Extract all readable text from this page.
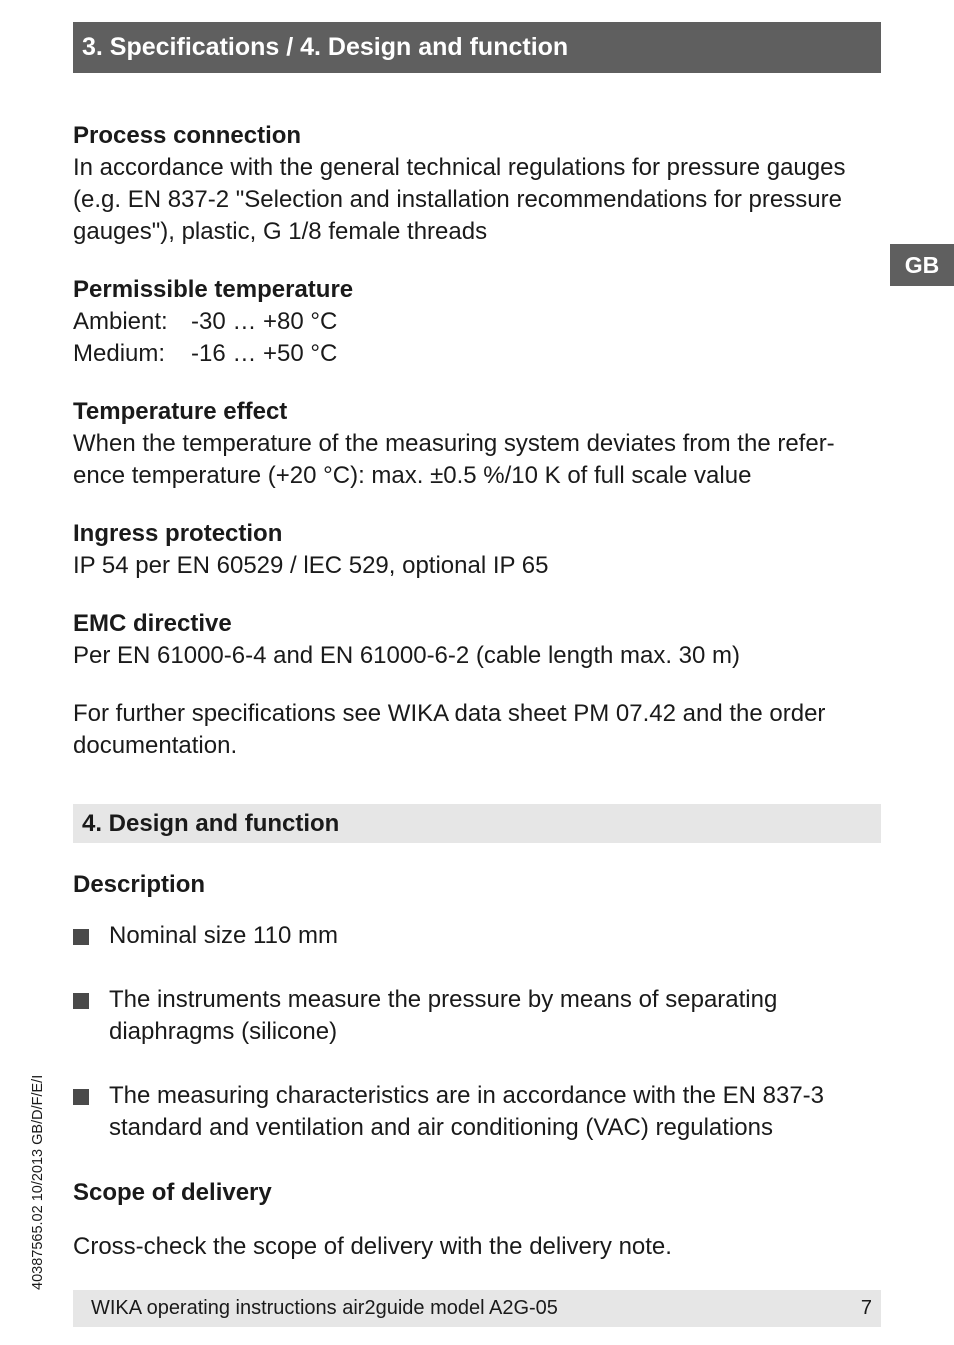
3. Specifications / 4. Design and function
GB
40387565.02 10/2013 GB/D/F/E/I
Process connection
In accordance with the general technical regulations for pressure gauges (e.g. EN 837-2 "Selection and installation recommendations for pressure gauges"), plastic, G 1/8 female threads
Permissible temperature
Ambient: -30 … +80 °C
Medium:	-16 … +50 °C
Temperature effect
When the temperature of the measuring system deviates from the refer-ence temperature (+20 °C): max. ±0.5 %/10 K of full scale value
Ingress protection
IP 54 per EN 60529 / lEC 529, optional IP 65
EMC directive
Per EN 61000-6-4 and EN 61000-6-2 (cable length max. 30 m)
For further specifications see WIKA data sheet PM 07.42 and the order documentation.
4. Design and function
Description
Nominal size 110 mm
The instruments measure the pressure by means of separating diaphragms (silicone)
The measuring characteristics are in accordance with the EN 837-3 standard and ventilation and air conditioning (VAC) regulations
Scope of delivery
Cross-check the scope of delivery with the delivery note.
WIKA operating instructions air2guide model A2G-05	7
